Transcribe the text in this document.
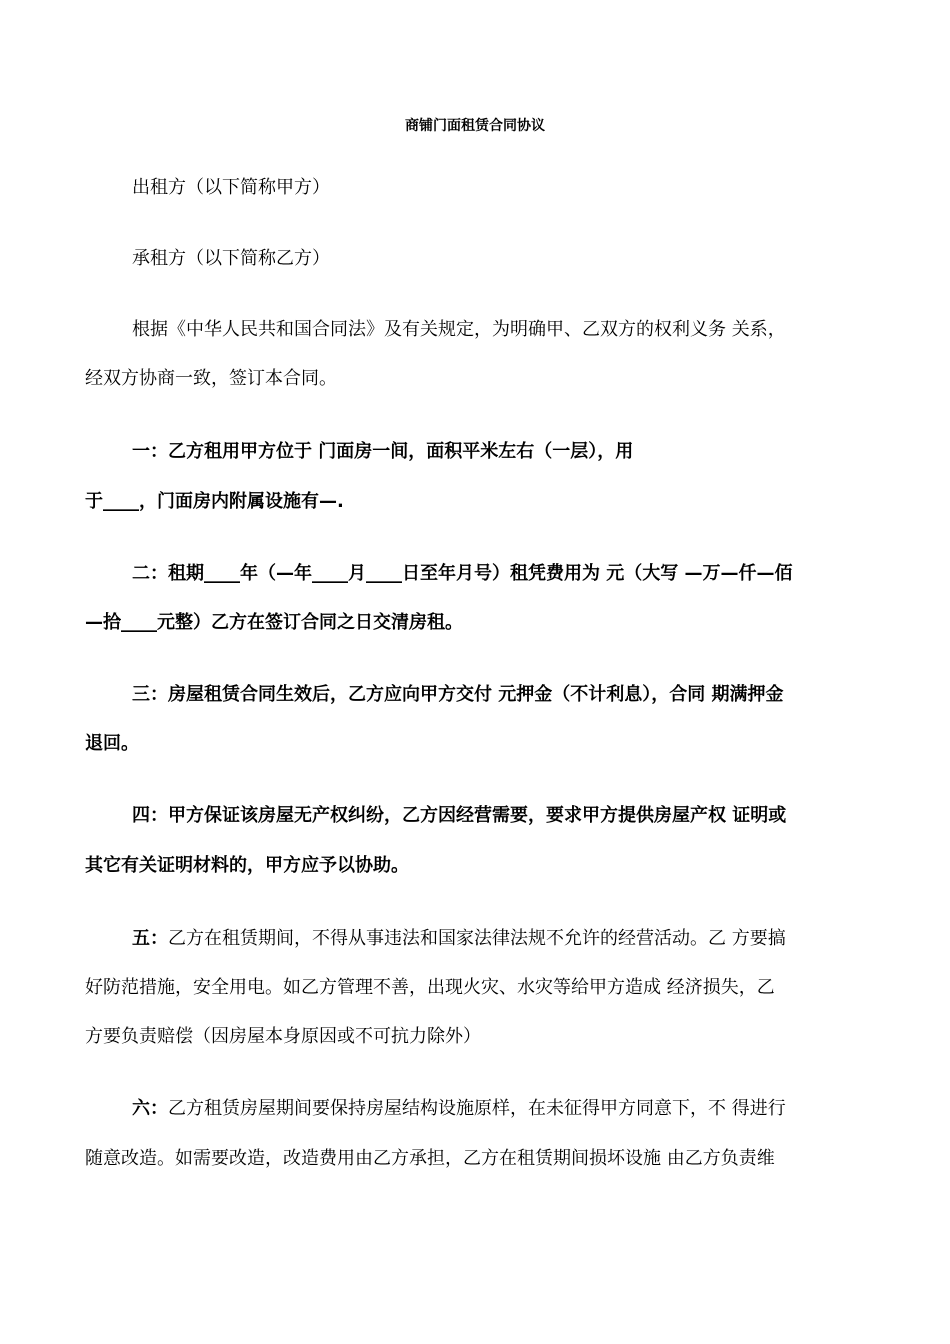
商铺门面租赁合同协议
出租方（以下简称甲方）
承租方（以下简称乙方）
根据《中华人民共和国合同法》及有关规定，为明确甲、乙双方的权利义务 关系，
经双方协商一致，签订本合同。
一：乙方租用甲方位于 门面房一间，面积平米左右（一层），用
于____，门面房内附属设施有—.
二：租期____年（—年____月____日至年月号）租凭费用为 元（大写 —万—仟—佰
—拾____元整）乙方在签订合同之日交清房租。
三：房屋租赁合同生效后，乙方应向甲方交付 元押金（不计利息），合同 期满押金
退回。
四：甲方保证该房屋无产权纠纷，乙方因经营需要，要求甲方提供房屋产权 证明或
其它有关证明材料的，甲方应予以协助。
五：乙方在租赁期间，不得从事违法和国家法律法规不允许的经营活动。乙 方要搞
好防范措施，安全用电。如乙方管理不善，出现火灾、水灾等给甲方造成 经济损失，乙
方要负责赔偿（因房屋本身原因或不可抗力除外）
六：乙方租赁房屋期间要保持房屋结构设施原样，在未征得甲方同意下，不 得进行
随意改造。如需要改造，改造费用由乙方承担，乙方在租赁期间损坏设施 由乙方负责维
